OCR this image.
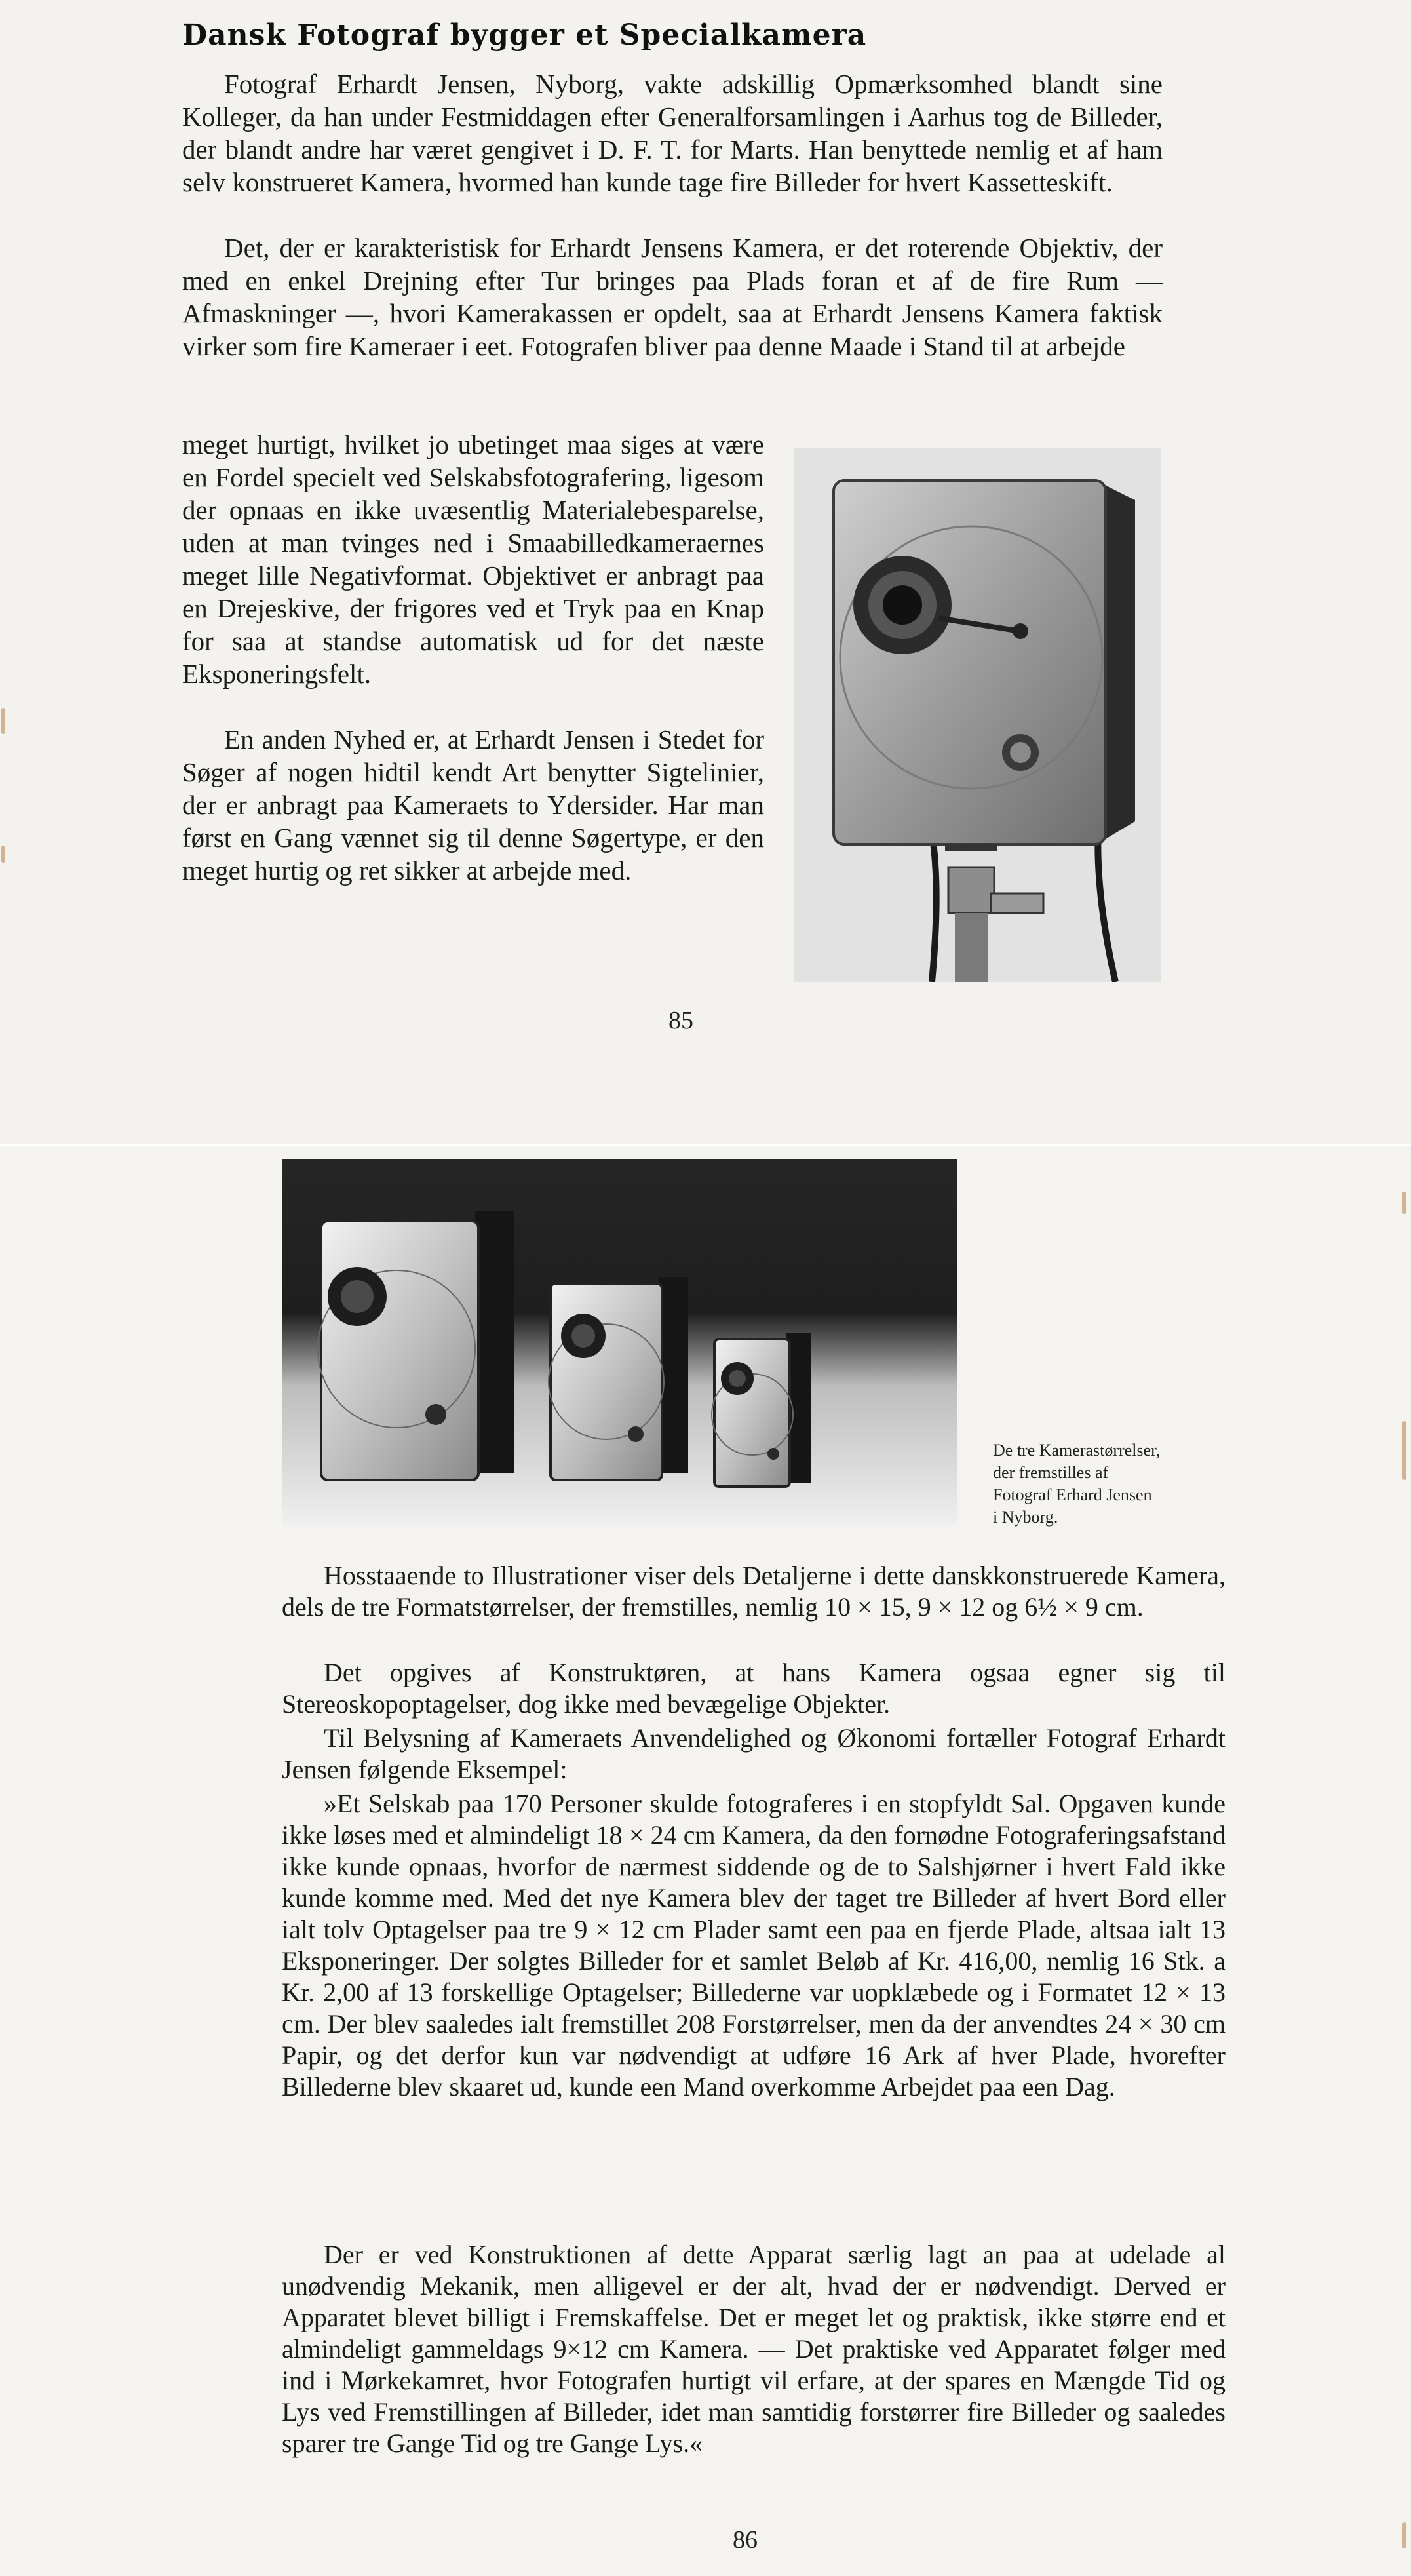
Dansk Fotograf bygger et Specialkamera

Fotograf Erhardt Jensen, Nyborg, vakte adskillig Opmærksomhed blandt sine Kolleger, da han under Festmiddagen efter Generalforsamlingen i Aarhus tog de Billeder, der blandt andre har været gengivet i D. F. T. for Marts. Han benyttede nemlig et af ham selv konstrueret Kamera, hvormed han kunde tage fire Billeder for hvert Kassetteskift.

Det, der er karakteristisk for Erhardt Jensens Kamera, er det roterende Objektiv, der med en enkel Drejning efter Tur bringes paa Plads foran et af de fire Rum — Afmaskninger —, hvori Kamerakassen er opdelt, saa at Erhardt Jensens Kamera faktisk virker som fire Kameraer i eet. Fotografen bliver paa denne Maade i Stand til at arbejde

meget hurtigt, hvilket jo ubetinget maa siges at være en Fordel specielt ved Selskabsfotografering, ligesom der opnaas en ikke uvæsentlig Materialebesparelse, uden at man tvinges ned i Smaabilledkameraernes meget lille Negativformat. Objektivet er anbragt paa en Drejeskive, der frigores ved et Tryk paa en Knap for saa at standse automatisk ud for det næste Eksponeringsfelt.

En anden Nyhed er, at Erhardt Jensen i Stedet for Søger af nogen hidtil kendt Art benytter Sigtelinier, der er anbragt paa Kameraets to Ydersider. Har man først en Gang vænnet sig til denne Søgertype, er den meget hurtig og ret sikker at arbejde med.

85

De tre Kamerastørrelser,
der fremstilles af
Fotograf Erhard Jensen
i Nyborg.

Hosstaaende to Illustrationer viser dels Detaljerne i dette danskkonstruerede Kamera, dels de tre Formatstørrelser, der fremstilles, nemlig 10 × 15, 9 × 12 og 6½ × 9 cm.

Det opgives af Konstruktøren, at hans Kamera ogsaa egner sig til Stereoskopoptagelser, dog ikke med bevægelige Objekter.

Til Belysning af Kameraets Anvendelighed og Økonomi fortæller Fotograf Erhardt Jensen følgende Eksempel:

»Et Selskab paa 170 Personer skulde fotograferes i en stopfyldt Sal. Opgaven kunde ikke løses med et almindeligt 18 × 24 cm Kamera, da den fornødne Fotograferingsafstand ikke kunde opnaas, hvorfor de nærmest siddende og de to Salshjørner i hvert Fald ikke kunde komme med. Med det nye Kamera blev der taget tre Billeder af hvert Bord eller ialt tolv Optagelser paa tre 9 × 12 cm Plader samt een paa en fjerde Plade, altsaa ialt 13 Eksponeringer. Der solgtes Billeder for et samlet Beløb af Kr. 416,00, nemlig 16 Stk. a Kr. 2,00 af 13 forskellige Optagelser; Billederne var uopklæbede og i Formatet 12 × 13 cm. Der blev saaledes ialt fremstillet 208 Forstørrelser, men da der anvendtes 24 × 30 cm Papir, og det derfor kun var nødvendigt at udføre 16 Ark af hver Plade, hvorefter Billederne blev skaaret ud, kunde een Mand overkomme Arbejdet paa een Dag.

Der er ved Konstruktionen af dette Apparat særlig lagt an paa at udelade al unødvendig Mekanik, men alligevel er der alt, hvad der er nødvendigt. Derved er Apparatet blevet billigt i Fremskaffelse. Det er meget let og praktisk, ikke større end et almindeligt gammeldags 9×12 cm Kamera. — Det praktiske ved Apparatet følger med ind i Mørkekamret, hvor Fotografen hurtigt vil erfare, at der spares en Mængde Tid og Lys ved Fremstillingen af Billeder, idet man samtidig forstørrer fire Billeder og saaledes sparer tre Gange Tid og tre Gange Lys.«

86
